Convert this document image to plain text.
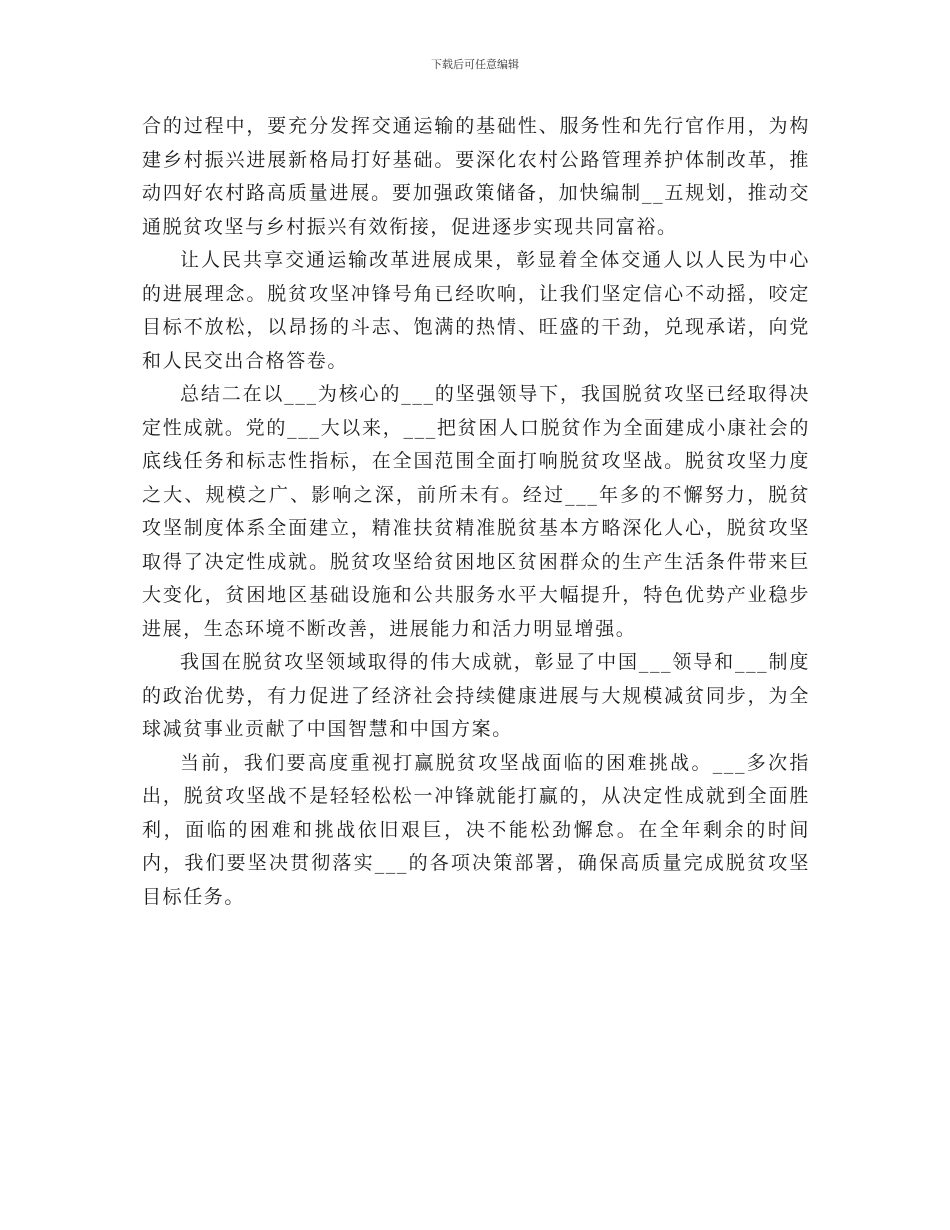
下载后可任意编辑

合的过程中，要充分发挥交通运输的基础性、服务性和先行官作用，为构建乡村振兴进展新格局打好基础。要深化农村公路管理养护体制改革，推动四好农村路高质量进展。要加强政策储备，加快编制__五规划，推动交通脱贫攻坚与乡村振兴有效衔接，促进逐步实现共同富裕。

让人民共享交通运输改革进展成果，彰显着全体交通人以人民为中心的进展理念。脱贫攻坚冲锋号角已经吹响，让我们坚定信心不动摇，咬定目标不放松，以昂扬的斗志、饱满的热情、旺盛的干劲，兑现承诺，向党和人民交出合格答卷。

总结二在以___为核心的___的坚强领导下，我国脱贫攻坚已经取得决定性成就。党的___大以来，___把贫困人口脱贫作为全面建成小康社会的底线任务和标志性指标，在全国范围全面打响脱贫攻坚战。脱贫攻坚力度之大、规模之广、影响之深，前所未有。经过___年多的不懈努力，脱贫攻坚制度体系全面建立，精准扶贫精准脱贫基本方略深化人心，脱贫攻坚取得了决定性成就。脱贫攻坚给贫困地区贫困群众的生产生活条件带来巨大变化，贫困地区基础设施和公共服务水平大幅提升，特色优势产业稳步进展，生态环境不断改善，进展能力和活力明显增强。

我国在脱贫攻坚领域取得的伟大成就，彰显了中国___领导和___制度的政治优势，有力促进了经济社会持续健康进展与大规模减贫同步，为全球减贫事业贡献了中国智慧和中国方案。

当前，我们要高度重视打赢脱贫攻坚战面临的困难挑战。___多次指出，脱贫攻坚战不是轻轻松松一冲锋就能打赢的，从决定性成就到全面胜利，面临的困难和挑战依旧艰巨，决不能松劲懈怠。在全年剩余的时间内，我们要坚决贯彻落实___的各项决策部署，确保高质量完成脱贫攻坚目标任务。
